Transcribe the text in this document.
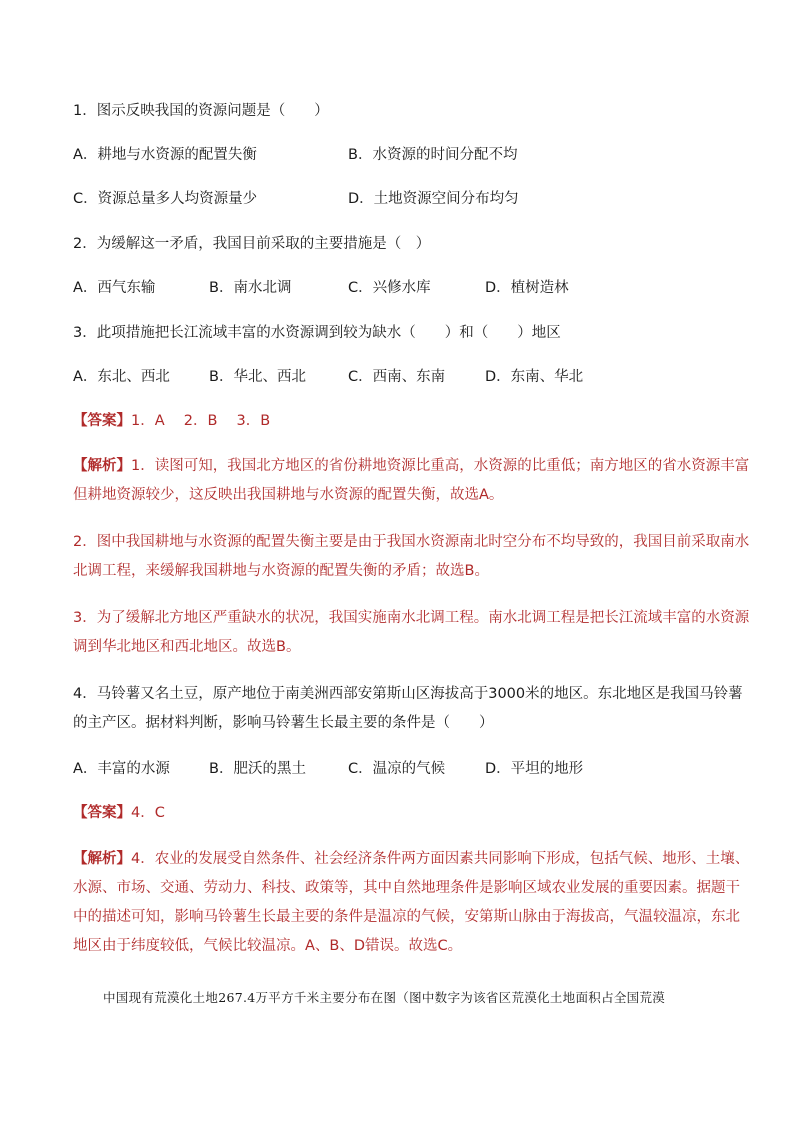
1．图示反映我国的资源问题是（　　）
A．耕地与水资源的配置失衡	B．水资源的时间分配不均
C．资源总量多人均资源量少	D．土地资源空间分布均匀
2．为缓解这一矛盾，我国目前采取的主要措施是（　）
A．西气东输	B．南水北调	C．兴修水库	D．植树造林
3．此项措施把长江流域丰富的水资源调到较为缺水（　　）和（　　）地区
A．东北、西北	B．华北、西北	C．西南、东南	D．东南、华北
【答案】1．A　 2．B　 3．B
【解析】1．读图可知，我国北方地区的省份耕地资源比重高，水资源的比重低；南方地区的省水资源丰富
但耕地资源较少，这反映出我国耕地与水资源的配置失衡，故选A。
2．图中我国耕地与水资源的配置失衡主要是由于我国水资源南北时空分布不均导致的，我国目前采取南水
北调工程，来缓解我国耕地与水资源的配置失衡的矛盾；故选B。
3．为了缓解北方地区严重缺水的状况，我国实施南水北调工程。南水北调工程是把长江流域丰富的水资源
调到华北地区和西北地区。故选B。
4．马铃薯又名土豆，原产地位于南美洲西部安第斯山区海拔高于3000米的地区。东北地区是我国马铃薯
的主产区。据材料判断，影响马铃薯生长最主要的条件是（　　）
A．丰富的水源	B．肥沃的黑土	C．温凉的气候	D．平坦的地形
【答案】4．C
【解析】4．农业的发展受自然条件、社会经济条件两方面因素共同影响下形成，包括气候、地形、土壤、
水源、市场、交通、劳动力、科技、政策等，其中自然地理条件是影响区域农业发展的重要因素。据题干
中的描述可知，影响马铃薯生长最主要的条件是温凉的气候，安第斯山脉由于海拔高，气温较温凉，东北
地区由于纬度较低，气候比较温凉。A、B、D错误。故选C。
中国现有荒漠化土地267.4万平方千米主要分布在图（图中数字为该省区荒漠化土地面积占全国荒漠
